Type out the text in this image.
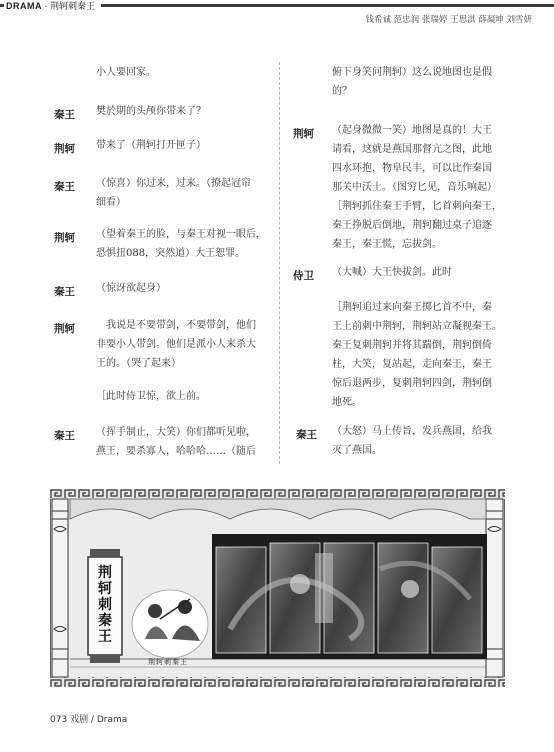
DRAMA · 荆轲刺秦王
钱希诚 范忠润 张瑞婷 王思淇 薛凝坤 刘雪妍
小人要回家。
秦王 樊於期的头颅你带来了？
荆轲 带来了（荆轲打开匣子）
秦王 （惊喜）你过来，过来。（撩起冠帘
细看）
荆轲 （望着秦王的脸，与秦王对视一眼后，
恐惧扭088，突然道）大王恕罪。
秦王 （惊讶欲起身）
荆轲 　我说是不要带剑，不要带剑，他们
非要小人带剑。他们是派小人来杀大
王的。（哭了起来）
［此时侍卫惊，欲上前。
秦王 （挥手制止，大笑）你们都听见啦，
燕王，要杀寡人，哈哈哈……（随后
俯下身笑问荆轲）这么说地图也是假
的？
荆轲 （起身微微一笑）地图是真的！大王
请看，这就是燕国那督亢之图，此地
四水环抱，物阜民丰，可以比作秦国
那关中沃土。（图穷匕见，音乐响起）
［荆轲抓住秦王手臂，匕首刺向秦王，
秦王挣脱后倒地，荆轲翻过桌子追逐
秦王，秦王慌，忘拔剑。
侍卫 （大喊）大王快拔剑。此时
［荆轲追过来向秦王掷匕首不中，秦
王上前刺中荆轲，荆轲站立凝视秦王。
秦王复刺荆轲并将其踹倒，荆轲倒倚
柱，大笑，复站起，走向秦王，秦王
惊后退两步，复刺荆轲四剑，荆轲倒
地死。
秦王 （大怒）马上传旨，发兵燕国，给我
灭了燕国。
荆轲刺秦王
荆轲刺秦王
073 戏剧 / Drama
